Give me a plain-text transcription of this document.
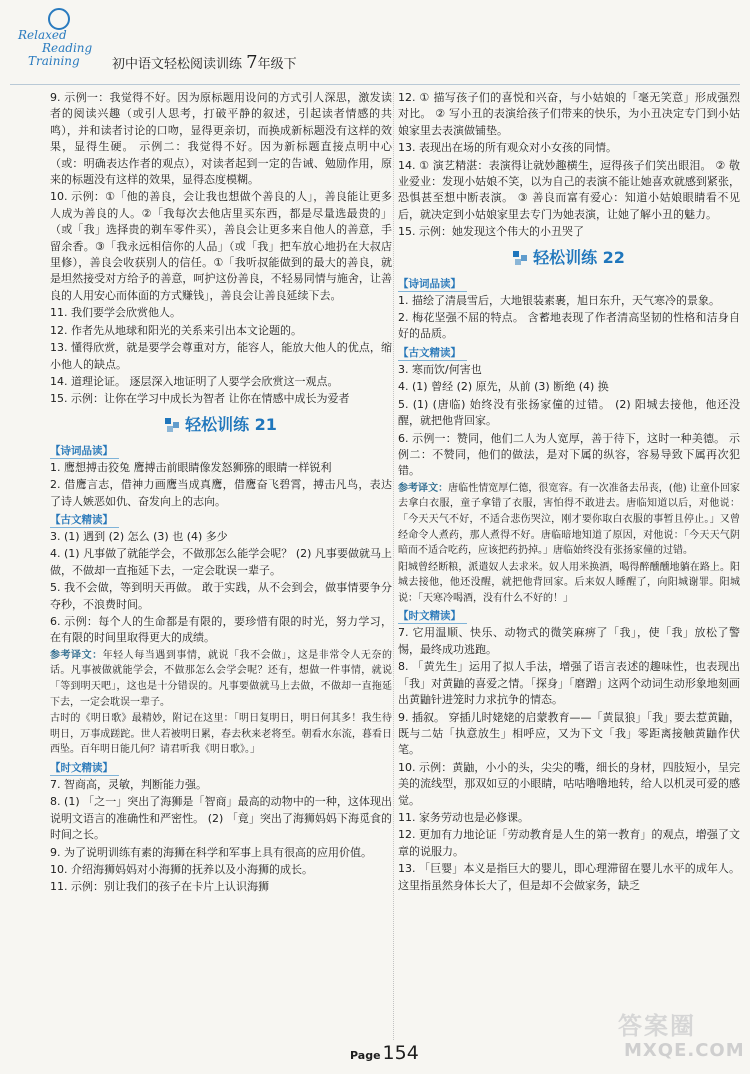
Relaxed
Reading
Training 初中语文轻松阅读训练 7年级下

9. 示例一：我觉得不好。因为原标题用设问的方式引人深思，激发读者的阅读兴趣（或引人思考，打破平静的叙述，引起读者情感的共鸣），并和读者讨论的口吻，显得更亲切，而换成新标题没有这样的效果，显得生硬。 示例二：我觉得不好。因为新标题直接点明中心（或：明确表达作者的观点），对读者起到一定的告诫、勉励作用，原来的标题没有这样的效果，显得态度模糊。

10. 示例：①「他的善良，会让我也想做个善良的人」，善良能让更多人成为善良的人。②「我每次去他店里买东西，都是尽量选最贵的」（或「我」选择贵的剃车零件买），善良会让更多来自他人的善意，手留余香。③「我永远相信你的人品」（或「我」把车放心地扔在大叔店里修），善良会收获别人的信任。①「我听叔能做到的最大的善良，就是坦然接受对方给予的善意，呵护这份善良，不轻易同情与施舍，让善良的人用安心而体面的方式赚钱」，善良会让善良延续下去。

11. 我们要学会欣赏他人。

12. 作者先从地球和阳光的关系来引出本文论题的。

13. 懂得欣赏，就是要学会尊重对方，能容人，能放大他人的优点，缩小他人的缺点。

14. 道理论证。 逐层深入地证明了人要学会欣赏这一观点。

15. 示例：让你在学习中成长为智者 让你在情感中成长为爱者

轻松训练 21
【诗词品读】

1. 鹰想搏击狡兔 鹰搏击前眼睛像发怒狮猕的眼睛一样锐利

2. 借鹰言志，借神力画鹰当成真鹰，借鹰奋飞碧霄，搏击凡鸟，表达了诗人嫉恶如仇、奋发向上的志向。

【古文精读】

3. (1) 遇到 (2) 怎么 (3) 也 (4) 多少

4. (1) 凡事做了就能学会，不做那怎么能学会呢？ (2) 凡事要做就马上做，不做却一直拖延下去，一定会耽误一辈子。

5. 我不会做，等到明天再做。 敢于实践，从不会到会，做事情要争分夺秒，不浪费时间。

6. 示例：每个人的生命都是有限的，要珍惜有限的时光，努力学习，在有限的时间里取得更大的成绩。

参考译文：年轻人每当遇到事情，就说「我不会做」，这是非常令人无奈的话。凡事被做就能学会，不做那怎么会学会呢？还有，想做一件事情，就说「等到明天吧」，这也是十分错误的。凡事要做就马上去做，不做却一直拖延下去，一定会耽误一辈子。

古时的《明日歌》最精妙，附记在这里：「明日复明日，明日何其多！我生待明日，万事成蹉跎。世人若被明日累，春去秋来老将至。朝看水东流，暮看日西坠。百年明日能几何？请君听我《明日歌》。」

【时文精读】

7. 智商高，灵敏，判断能力强。

8. (1) 「之一」突出了海狮是「智商」最高的动物中的一种，这体现出说明文语言的准确性和严密性。 (2) 「竟」突出了海狮妈妈下海觅食的时间之长。

9. 为了说明训练有素的海狮在科学和军事上具有很高的应用价值。

10. 介绍海狮妈妈对小海狮的抚养以及小海狮的成长。

11. 示例：别让我们的孩子在卡片上认识海狮

12. ① 描写孩子们的喜悦和兴奋，与小姑娘的「毫无笑意」形成强烈对比。 ② 写小丑的表演给孩子们带来的快乐，为小丑决定专门到小姑娘家里去表演做铺垫。

13. 表现出在场的所有观众对小女孩的同情。

14. ① 演艺精湛：表演得让就妙趣横生，逗得孩子们笑出眼泪。 ② 敬业爱业：发现小姑娘不笑，以为自己的表演不能让她喜欢就感到紧张，恐惧甚至想中断表演。 ③ 善良而富有爱心：知道小姑娘眼睛看不见后，就决定到小姑娘家里去专门为她表演，让她了解小丑的魅力。

15. 示例：她发现这个伟大的小丑哭了

轻松训练 22
【诗词品读】

1. 描绘了清晨雪后，大地银装素裹，旭日东升，天气寒冷的景象。

2. 梅花坚强不屈的特点。 含蓄地表现了作者清高坚韧的性格和洁身自好的品质。

【古文精读】

3. 寒而饮/何害也

4. (1) 曾经 (2) 原先，从前 (3) 断绝 (4) 换

5. (1) (唐临) 始终没有张扬家僮的过错。 (2) 阳城去接他，他还没醒，就把他背回家。

6. 示例一：赞同，他们二人为人宽厚，善于待下，这时一种美德。 示例二：不赞同，他们的做法，是对下属的纵容，容易导致下属再次犯错。

参考译文：唐临性情宽厚仁德，很宽容。有一次准备去吊丧，(他) 让童仆回家去拿白衣服，童子拿错了衣服，害怕得不敢进去。唐临知道以后，对他说：「今天天气不好，不适合悲伤哭泣，刚才要你取白衣服的事暂且停止。」又曾经命令人煮药，那人煮得不好。唐临暗地知道了原因，对他说：「今天天气阴暗而不适合吃药，应该把药扔掉。」唐临始终没有张扬家僮的过错。

阳城曾经断粮，派遣奴人去求米。奴人用米换酒，喝得醉醺醺地躺在路上。阳城去接他，他还没醒，就把他背回家。后来奴人睡醒了，向阳城谢罪。阳城说：「天寒冷喝酒，没有什么不好的！」

【时文精读】

7. 它用温顺、快乐、动物式的微笑麻痹了「我」，使「我」放松了警惕，最终成功逃跑。

8. 「黄先生」运用了拟人手法，增强了语言表述的趣味性，也表现出「我」对黄鼬的喜爱之情。「探身」「磨蹭」这两个动词生动形象地刻画出黄鼬针进笼时力求抗争的情态。

9. 插叙。 穿插儿时姥姥的启蒙教育——「黄鼠狼」「我」要去惹黄鼬，既与二姑「执意放生」相呼应，又为下文「我」零距离接触黄鼬作伏笔。

10. 示例：黄鼬，小小的头，尖尖的嘴，细长的身材，四肢短小，呈完美的流线型，那双如豆的小眼睛，咕咕噜噜地转，给人以机灵可爱的感觉。

11. 家务劳动也是必修课。

12. 更加有力地论证「劳动教育是人生的第一教育」的观点，增强了文章的说服力。

13. 「巨婴」本义是指巨大的婴儿，即心理滞留在婴儿水平的成年人。这里指虽然身体长大了，但是却不会做家务，缺乏

Page 154
答案圈
MXQE.COM
